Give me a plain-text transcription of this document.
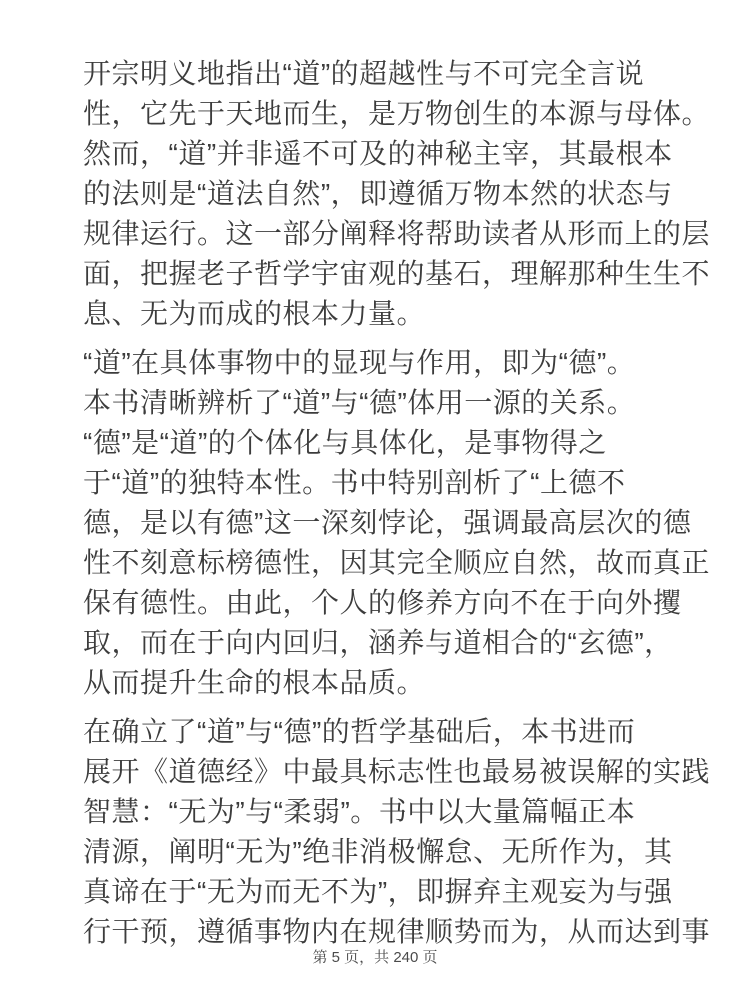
开宗明义地指出“道”的超越性与不可完全言说
性，它先于天地而生，是万物创生的本源与母体。
然而，“道”并非遥不可及的神秘主宰，其最根本
的法则是“道法自然”，即遵循万物本然的状态与
规律运行。这一部分阐释将帮助读者从形而上的层
面，把握老子哲学宇宙观的基石，理解那种生生不
息、无为而成的根本力量。

“道”在具体事物中的显现与作用，即为“德”。
本书清晰辨析了“道”与“德”体用一源的关系。
“德”是“道”的个体化与具体化，是事物得之
于“道”的独特本性。书中特别剖析了“上德不
德，是以有德”这一深刻悖论，强调最高层次的德
性不刻意标榜德性，因其完全顺应自然，故而真正
保有德性。由此，个人的修养方向不在于向外攫
取，而在于向内回归，涵养与道相合的“玄德”，
从而提升生命的根本品质。

在确立了“道”与“德”的哲学基础后，本书进而
展开《道德经》中最具标志性也最易被误解的实践
智慧：“无为”与“柔弱”。书中以大量篇幅正本
清源，阐明“无为”绝非消极懈怠、无所作为，其
真谛在于“无为而无不为”，即摒弃主观妄为与强
行干预，遵循事物内在规律顺势而为，从而达到事

第 5 页，共 240 页
